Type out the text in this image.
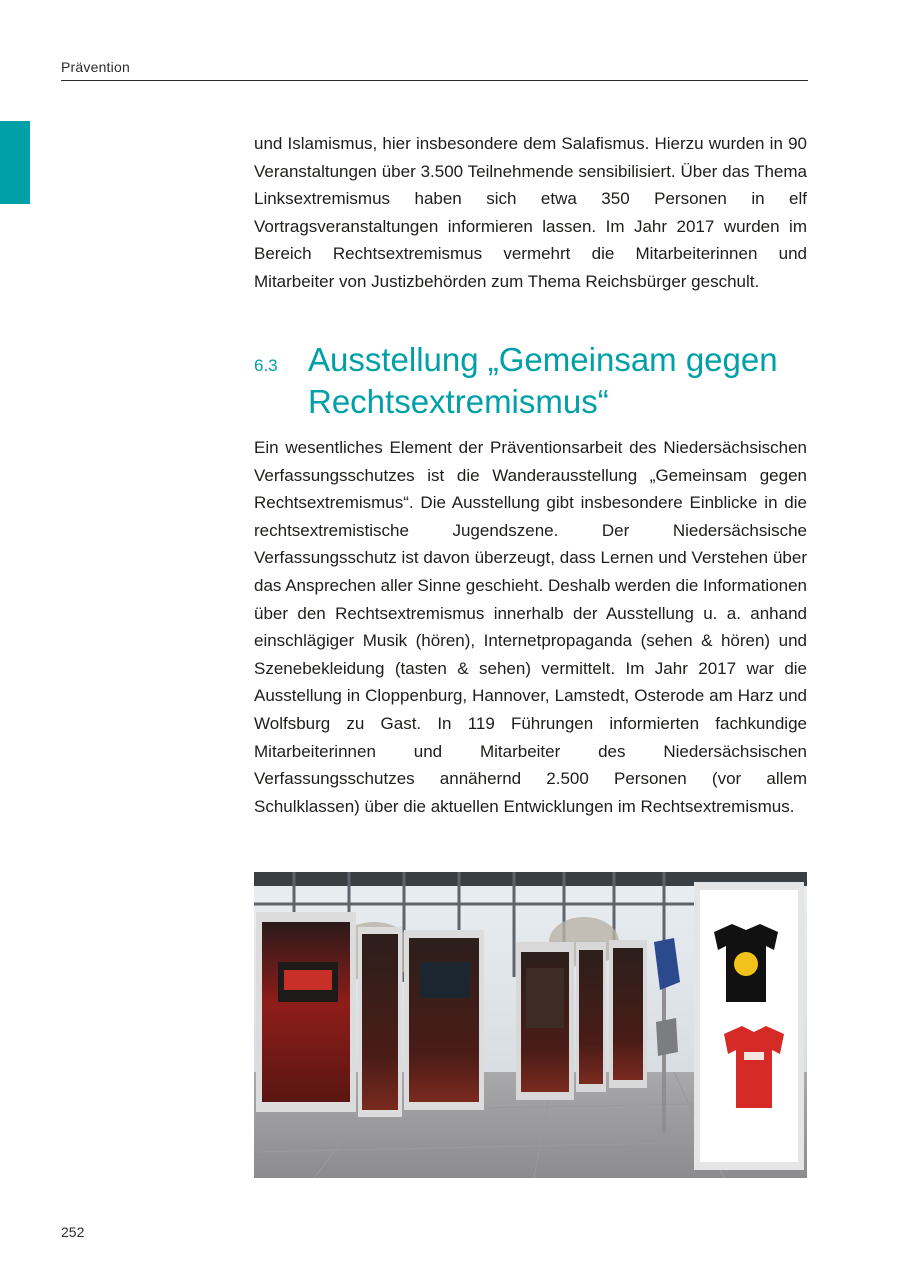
Prävention

und Islamismus, hier insbesondere dem Salafismus. Hierzu wurden in 90 Veranstaltungen über 3.500 Teilnehmende sensibilisiert. Über das Thema Linksextremismus haben sich etwa 350 Personen in elf Vortragsveranstaltungen informieren lassen. Im Jahr 2017 wurden im Bereich Rechtsextremismus vermehrt die Mitarbeiterinnen und Mitarbeiter von Justizbehörden zum Thema Reichsbürger geschult.

6.3 Ausstellung „Gemeinsam gegen Rechtsextremismus“

Ein wesentliches Element der Präventionsarbeit des Niedersächsischen Verfassungsschutzes ist die Wanderausstellung „Gemeinsam gegen Rechtsextremismus“. Die Ausstellung gibt insbesondere Einblicke in die rechtsextremistische Jugendszene. Der Niedersächsische Verfassungsschutz ist davon überzeugt, dass Lernen und Verstehen über das Ansprechen aller Sinne geschieht. Deshalb werden die Informationen über den Rechtsextremismus innerhalb der Ausstellung u. a. anhand einschlägiger Musik (hören), Internetpropaganda (sehen & hören) und Szenebekleidung (tasten & sehen) vermittelt. Im Jahr 2017 war die Ausstellung in Cloppenburg, Hannover, Lamstedt, Osterode am Harz und Wolfsburg zu Gast. In 119 Führungen informierten fachkundige Mitarbeiterinnen und Mitarbeiter des Niedersächsischen Verfassungsschutzes annähernd 2.500 Personen (vor allem Schulklassen) über die aktuellen Entwicklungen im Rechtsextremismus.

252
